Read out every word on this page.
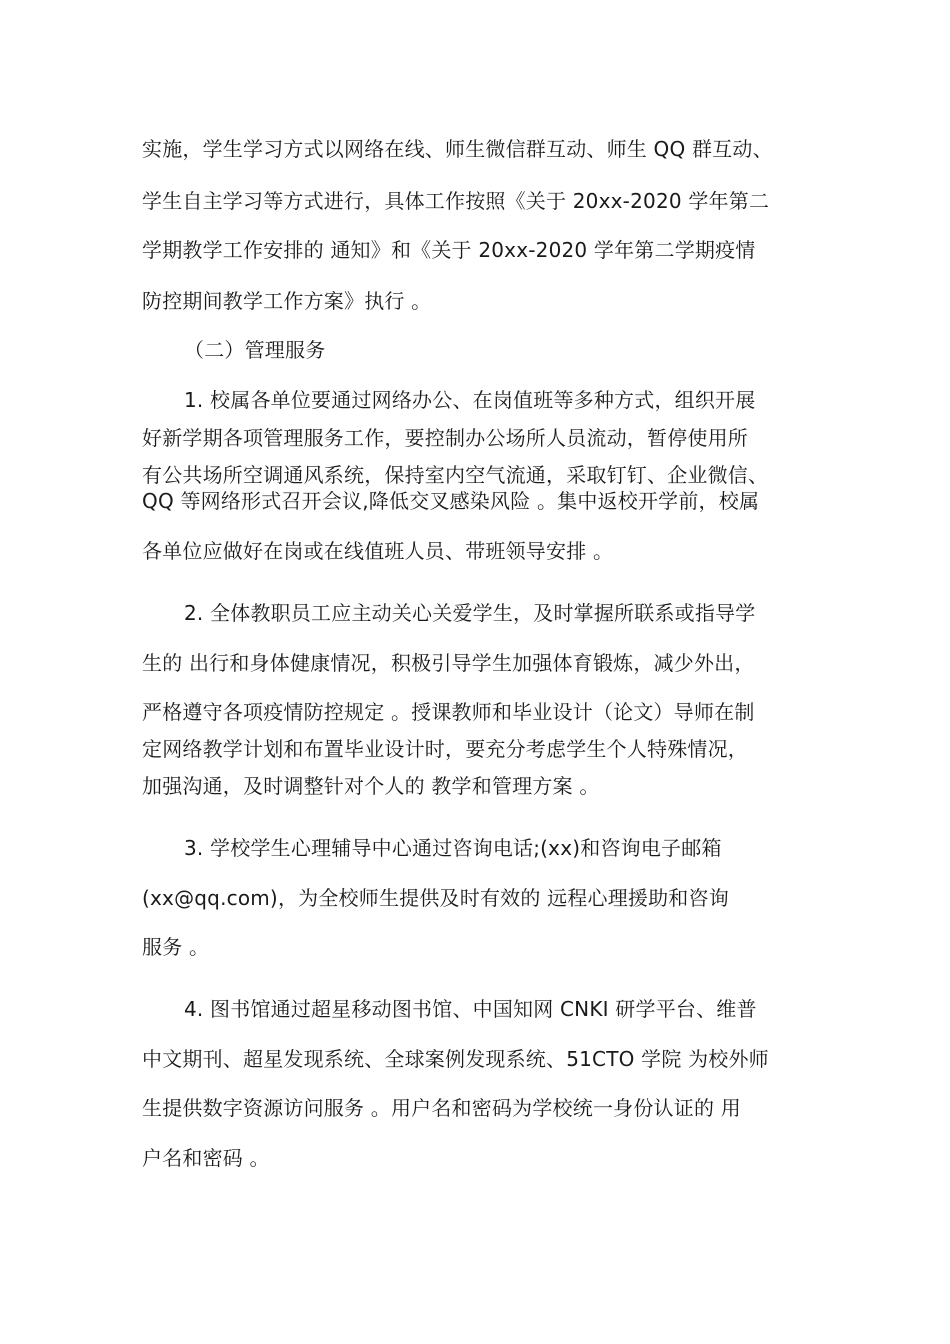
实施，学生学习方式以网络在线、师生微信群互动、师生 QQ 群互动、
学生自主学习等方式进行，具体工作按照《关于 20xx-2020 学年第二
学期教学工作安排的 通知》和《关于 20xx-2020 学年第二学期疫情
防控期间教学工作方案》执行 。
（二）管理服务
1. 校属各单位要通过网络办公、在岗值班等多种方式，组织开展
好新学期各项管理服务工作，要控制办公场所人员流动，暂停使用所
有公共场所空调通风系统，保持室内空气流通，采取钉钉、企业微信、
QQ 等网络形式召开会议,降低交叉感染风险 。集中返校开学前，校属
各单位应做好在岗或在线值班人员、带班领导安排 。
2. 全体教职员工应主动关心关爱学生，及时掌握所联系或指导学
生的 出行和身体健康情况，积极引导学生加强体育锻炼，减少外出，
严格遵守各项疫情防控规定 。授课教师和毕业设计（论文）导师在制
定网络教学计划和布置毕业设计时，要充分考虑学生个人特殊情况，
加强沟通，及时调整针对个人的 教学和管理方案 。
3. 学校学生心理辅导中心通过咨询电话;(xx)和咨询电子邮箱
(xx@qq.com)，为全校师生提供及时有效的 远程心理援助和咨询
服务 。
4. 图书馆通过超星移动图书馆、中国知网 CNKI 研学平台、维普
中文期刊、超星发现系统、全球案例发现系统、51CTO 学院 为校外师
生提供数字资源访问服务 。用户名和密码为学校统一身份认证的 用
户名和密码 。
